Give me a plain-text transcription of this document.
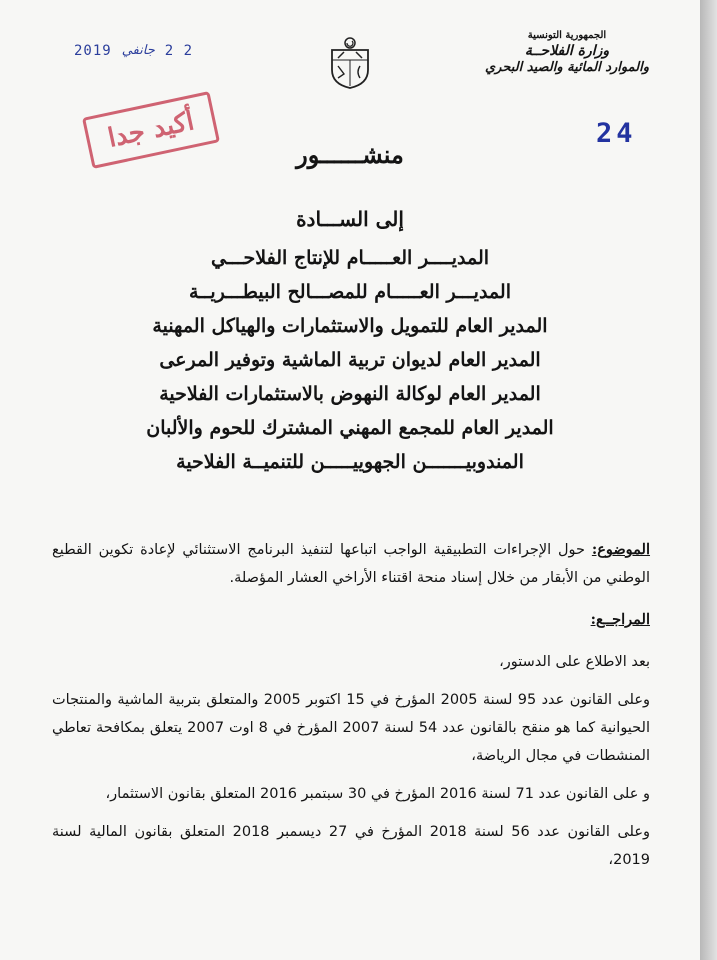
الجمهورية التونسية
وزارة الفلاحــة
والموارد المائية والصيد البحري
2019 جانفي 2 2
24
أكيد جدا
منشــــــور
إلى الســـادة
المديــــر العـــــام للإنتاج الفلاحـــي
المديـــر العـــــام للمصـــالح البيطـــريــة
المدير العام للتمويل والاستثمارات والهياكل المهنية
المدير العام لديوان تربية الماشية وتوفير المرعى
المدير العام لوكالة النهوض بالاستثمارات الفلاحية
المدير العام للمجمع المهني المشترك للحوم والألبان
المندوبيـــــــن الجهوييـــــن للتنميــة الفلاحية
الموضوع: حول الإجراءات التطبيقية الواجب اتباعها لتنفيذ البرنامج الاستثنائي لإعادة تكوين القطيع الوطني من الأبقار من خلال إسناد منحة اقتناء الأراخي العشار المؤصلة.
المراجــع:
بعد الاطلاع على الدستور،
وعلى القانون عدد 95 لسنة 2005 المؤرخ في 15 اكتوبر 2005 والمتعلق بتربية الماشية والمنتجات الحيوانية كما هو منقح بالقانون عدد 54 لسنة 2007 المؤرخ في 8 اوت 2007 يتعلق بمكافحة تعاطي المنشطات في مجال الرياضة،
و على القانون عدد 71 لسنة 2016 المؤرخ في 30 سبتمبر 2016 المتعلق بقانون الاستثمار،
وعلى القانون عدد 56 لسنة 2018 المؤرخ في 27 ديسمبر 2018 المتعلق بقانون المالية لسنة 2019،
